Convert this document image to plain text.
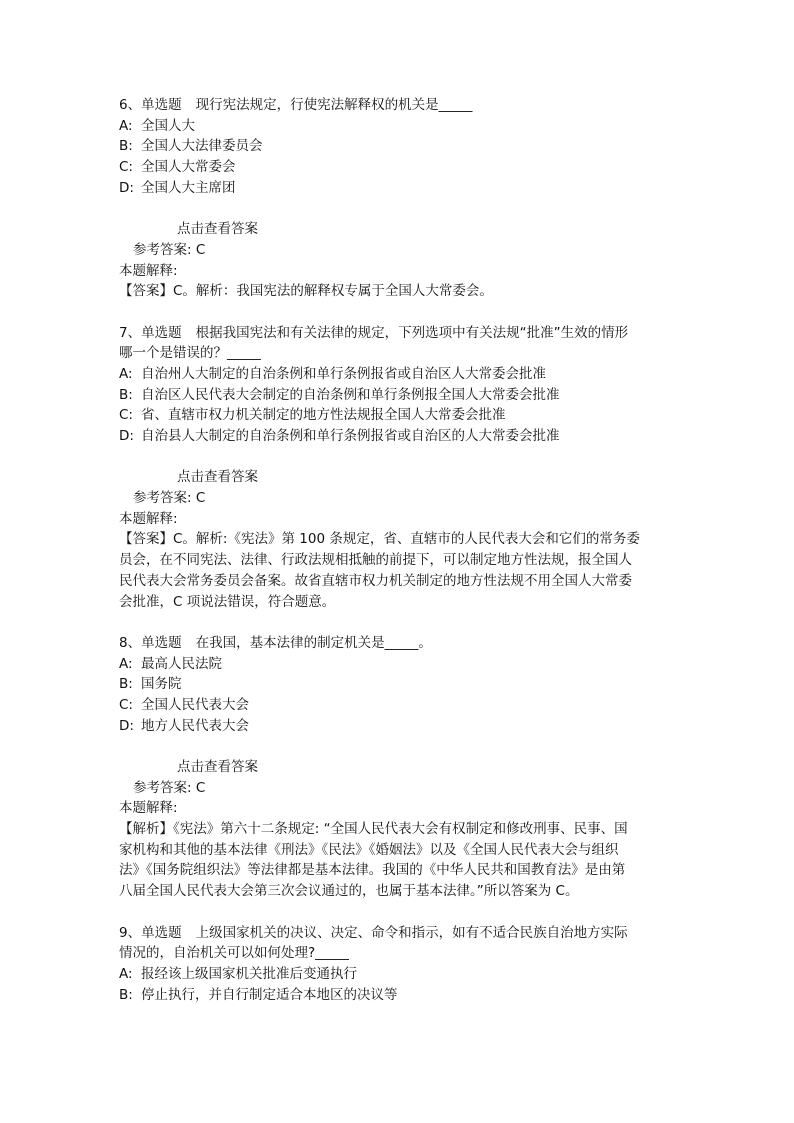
6、单选题 现行宪法规定，行使宪法解释权的机关是_____
A: 全国人大
B: 全国人大法律委员会
C: 全国人大常委会
D: 全国人大主席团
点击查看答案
参考答案: C
本题解释:
【答案】C。解析：我国宪法的解释权专属于全国人大常委会。
7、单选题 根据我国宪法和有关法律的规定，下列选项中有关法规“批准”生效的情形
哪一个是错误的？_____
A: 自治州人大制定的自治条例和单行条例报省或自治区人大常委会批准
B: 自治区人民代表大会制定的自治条例和单行条例报全国人大常委会批准
C: 省、直辖市权力机关制定的地方性法规报全国人大常委会批准
D: 自治县人大制定的自治条例和单行条例报省或自治区的人大常委会批准
点击查看答案
参考答案: C
本题解释:
【答案】C。解析:《宪法》第 100 条规定，省、直辖市的人民代表大会和它们的常务委
员会，在不同宪法、法律、行政法规相抵触的前提下，可以制定地方性法规，报全国人
民代表大会常务委员会备案。故省直辖市权力机关制定的地方性法规不用全国人大常委
会批准，C 项说法错误，符合题意。
8、单选题 在我国，基本法律的制定机关是_____。
A: 最高人民法院
B: 国务院
C: 全国人民代表大会
D: 地方人民代表大会
点击查看答案
参考答案: C
本题解释:
【解析】《宪法》第六十二条规定: “全国人民代表大会有权制定和修改刑事、民事、国
家机构和其他的基本法律《刑法》《民法》《婚姻法》以及《全国人民代表大会与组织
法》《国务院组织法》等法律都是基本法律。我国的《中华人民共和国教育法》是由第
八届全国人民代表大会第三次会议通过的，也属于基本法律。”所以答案为 C。
9、单选题 上级国家机关的决议、决定、命令和指示，如有不适合民族自治地方实际
情况的，自治机关可以如何处理?_____
A: 报经该上级国家机关批准后变通执行
B: 停止执行，并自行制定适合本地区的决议等
